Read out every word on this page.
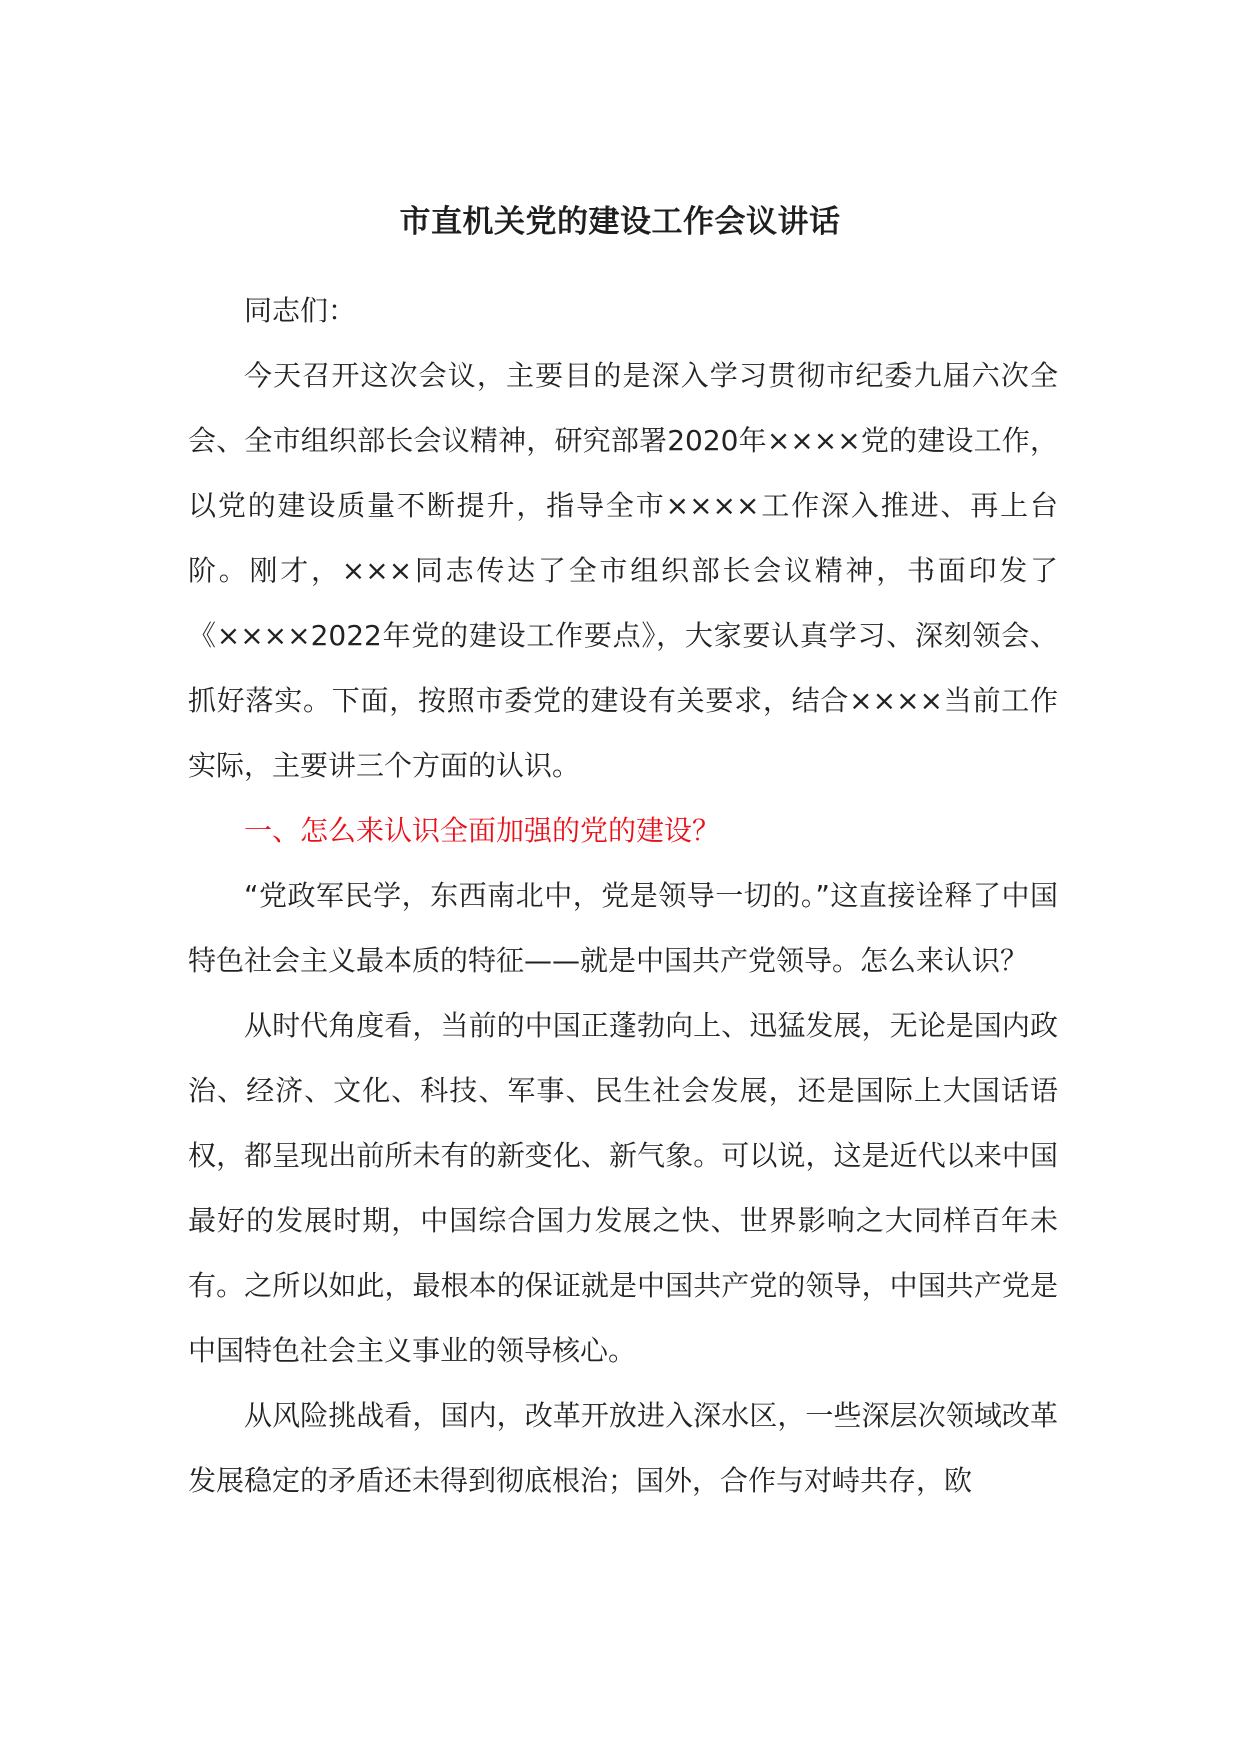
市直机关党的建设工作会议讲话

同志们：

今天召开这次会议，主要目的是深入学习贯彻市纪委九届六次全会、全市组织部长会议精神，研究部署2020年××××党的建设工作，以党的建设质量不断提升，指导全市××××工作深入推进、再上台阶。刚才，×××同志传达了全市组织部长会议精神，书面印发了《××××2022年党的建设工作要点》，大家要认真学习、深刻领会、抓好落实。下面，按照市委党的建设有关要求，结合××××当前工作实际，主要讲三个方面的认识。

一、怎么来认识全面加强的党的建设？

“党政军民学，东西南北中，党是领导一切的。”这直接诠释了中国特色社会主义最本质的特征——就是中国共产党领导。怎么来认识？

从时代角度看，当前的中国正蓬勃向上、迅猛发展，无论是国内政治、经济、文化、科技、军事、民生社会发展，还是国际上大国话语权，都呈现出前所未有的新变化、新气象。可以说，这是近代以来中国最好的发展时期，中国综合国力发展之快、世界影响之大同样百年未有。之所以如此，最根本的保证就是中国共产党的领导，中国共产党是中国特色社会主义事业的领导核心。

从风险挑战看，国内，改革开放进入深水区，一些深层次领域改革发展稳定的矛盾还未得到彻底根治；国外，合作与对峙共存，欧
